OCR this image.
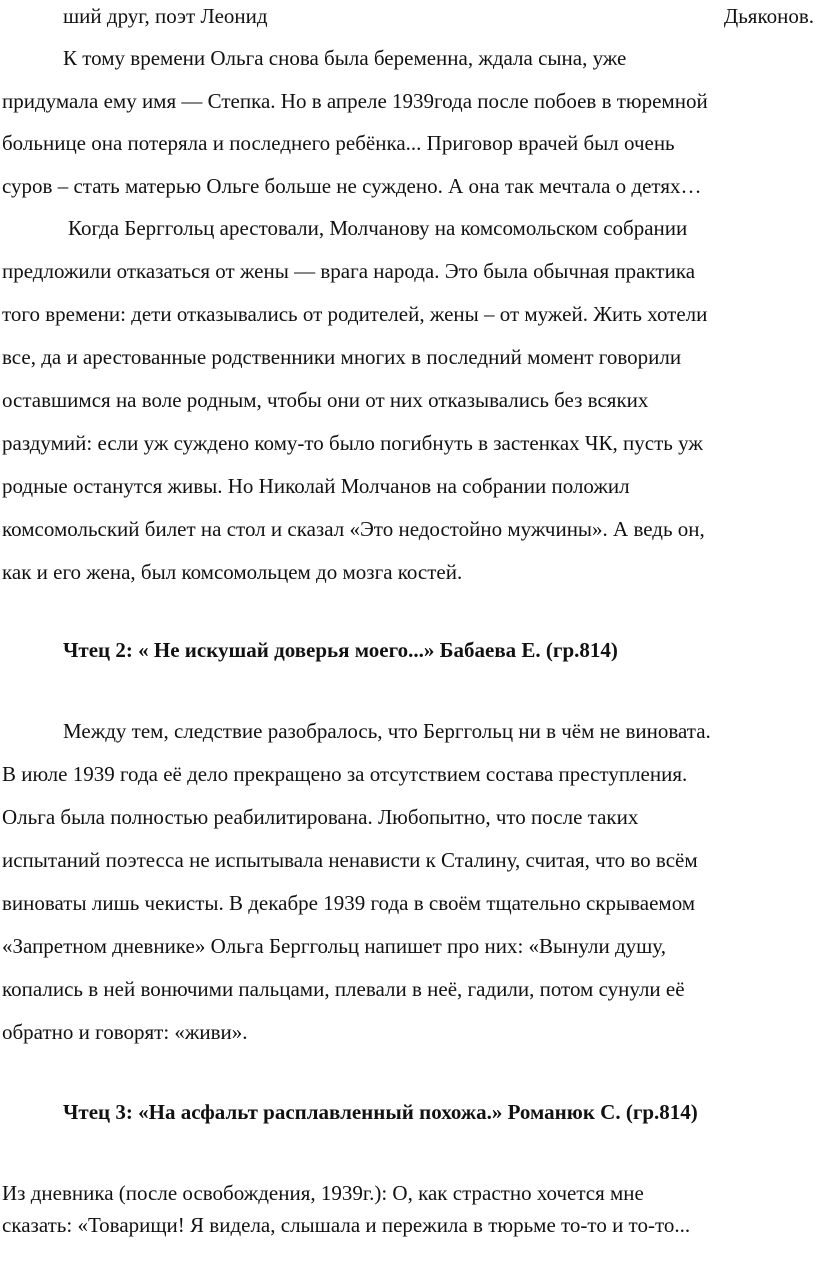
ший друг, поэт Леонид	Дьяконов.
К тому времени Ольга снова была беременна, ждала сына, уже
придумала ему имя — Степка. Но в апреле 1939года после побоев в тюремной
больнице она потеряла и последнего ребёнка... Приговор врачей был очень
суров – стать матерью Ольге больше не суждено. А она так мечтала о детях…
Когда Берггольц арестовали, Молчанову на комсомольском собрании
предложили отказаться от жены — врага народа. Это была обычная практика
того времени: дети отказывались от родителей, жены – от мужей. Жить хотели
все, да и арестованные родственники многих в последний момент говорили
оставшимся на воле родным, чтобы они от них отказывались без всяких
раздумий: если уж суждено кому-то было погибнуть в застенках ЧК, пусть уж
родные останутся живы. Но Николай Молчанов на собрании положил
комсомольский билет на стол и сказал «Это недостойно мужчины». А ведь он,
как и его жена, был комсомольцем до мозга костей.
Чтец 2: « Не искушай доверья моего...» Бабаева Е. (гр.814)
Между тем, следствие разобралось, что Берггольц ни в чём не виновата.
В июле 1939 года её дело прекращено за отсутствием состава преступления.
Ольга была полностью реабилитирована. Любопытно, что после таких
испытаний поэтесса не испытывала ненависти к Сталину, считая, что во всём
виноваты лишь чекисты. В декабре 1939 года в своём тщательно скрываемом
«Запретном дневнике» Ольга Берггольц напишет про них: «Вынули душу,
копались в ней вонючими пальцами, плевали в неё, гадили, потом сунули её
обратно и говорят: «живи».
Чтец 3: «На асфальт расплавленный похожа.» Романюк С. (гр.814)
Из дневника (после освобождения, 1939г.): О, как страстно хочется мне
сказать: «Товарищи! Я видела, слышала и пережила в тюрьме то-то и то-то...
